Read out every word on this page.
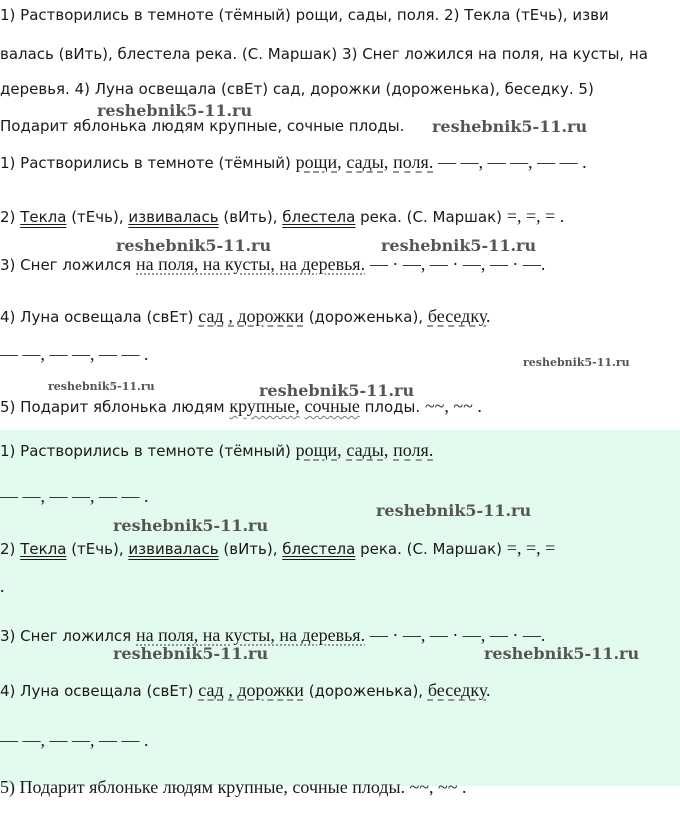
1) Растворились в темноте (тёмный) рощи, сады, поля. 2) Текла (тЕчь), изви
валась (вИть), блестела река. (С. Маршак) 3) Снег ложился на поля, на кусты, на
деревья. 4) Луна освещала (свЕт) сад, дорожки (дороженька), беседку. 5)
Подарит яблонька людям крупные, сочные плоды.
reshebnik5-11.ru
reshebnik5-11.ru
1) Растворились в темноте (тёмный) рощи, сады, поля. — —, — —, — — .
2) Текла (тЕчь), извивалась (вИть), блестела река. (С. Маршак) =, =, = .
reshebnik5-11.ru	reshebnik5-11.ru
3) Снег ложился на поля, на кусты, на деревья. — · —, — · —, — · —.
4) Луна освещала (свЕт) сад , дорожки (дороженька), беседку.
— —, — —, — — .	reshebnik5-11.ru
reshebnik5-11.ru	reshebnik5-11.ru
5) Подарит яблонька людям крупные, сочные плоды. ~~, ~~ .
1) Растворились в темноте (тёмный) рощи, сады, поля.
— —, — —, — — .
reshebnik5-11.ru
reshebnik5-11.ru
2) Текла (тЕчь), извивалась (вИть), блестела река. (С. Маршак) =, =, =
.
3) Снег ложился на поля, на кусты, на деревья. — · —, — · —, — · —.
reshebnik5-11.ru	reshebnik5-11.ru
4) Луна освещала (свЕт) сад , дорожки (дороженька), беседку.
— —, — —, — — .
5) Подарит яблоньке людям крупные, сочные плоды. ~~, ~~ .
